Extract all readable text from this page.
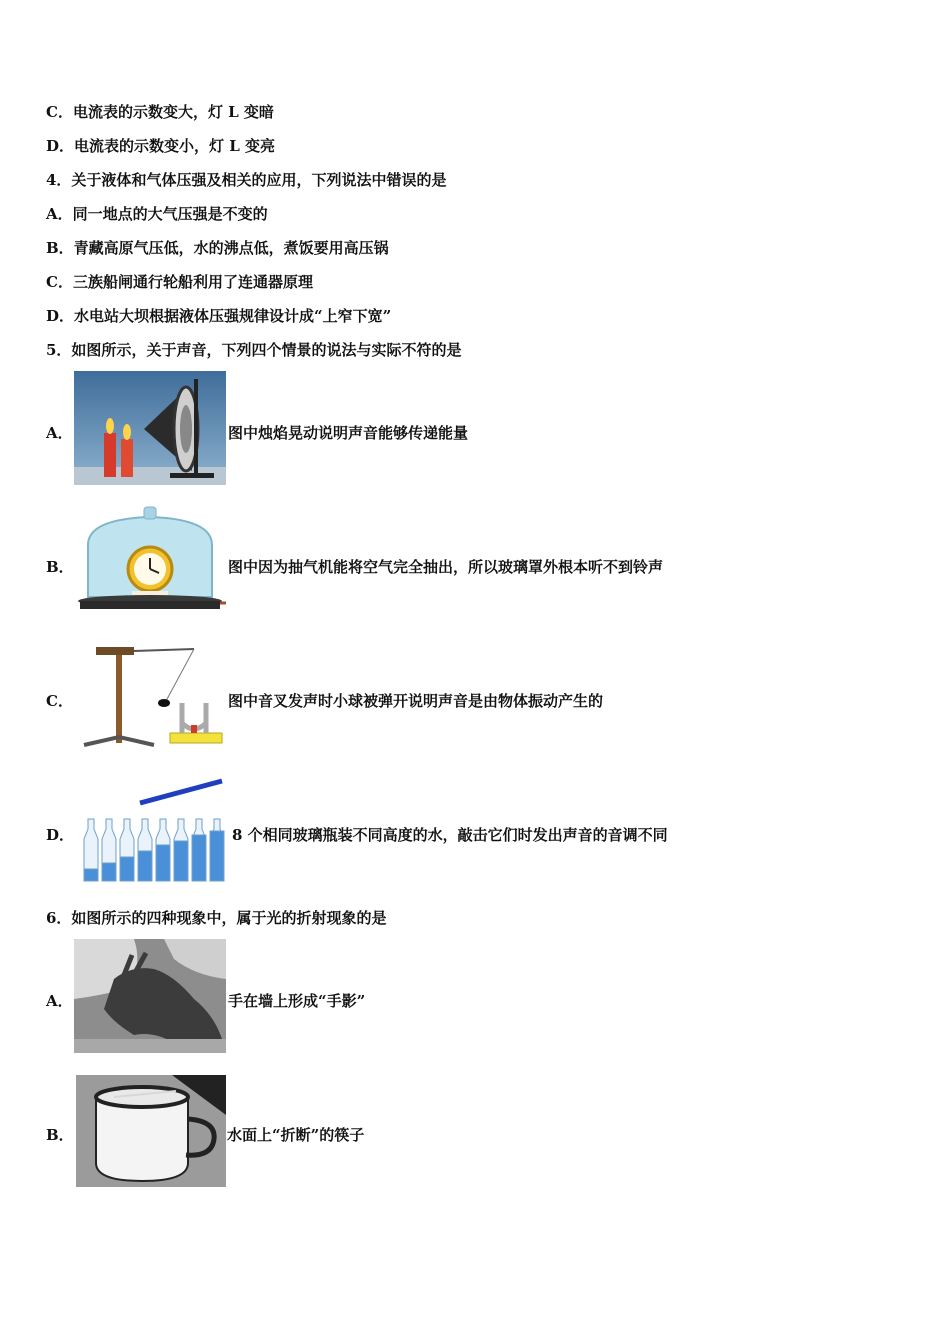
C．电流表的示数变大，灯 L 变暗
D．电流表的示数变小，灯 L 变亮
4．关于液体和气体压强及相关的应用，下列说法中错误的是
A．同一地点的大气压强是不变的
B．青藏高原气压低，水的沸点低，煮饭要用高压锅
C．三族船闸通行轮船利用了连通器原理
D．水电站大坝根据液体压强规律设计成“上窄下宽”
5．如图所示，关于声音，下列四个情景的说法与实际不符的是
A．	图中烛焰晃动说明声音能够传递能量
B．	图中因为抽气机能将空气完全抽出，所以玻璃罩外根本听不到铃声
C．	图中音叉发声时小球被弹开说明声音是由物体振动产生的
D．	8 个相同玻璃瓶装不同高度的水，敲击它们时发出声音的音调不同
6．如图所示的四种现象中，属于光的折射现象的是
A．	手在墙上形成“手影”
B．	水面上“折断”的筷子
